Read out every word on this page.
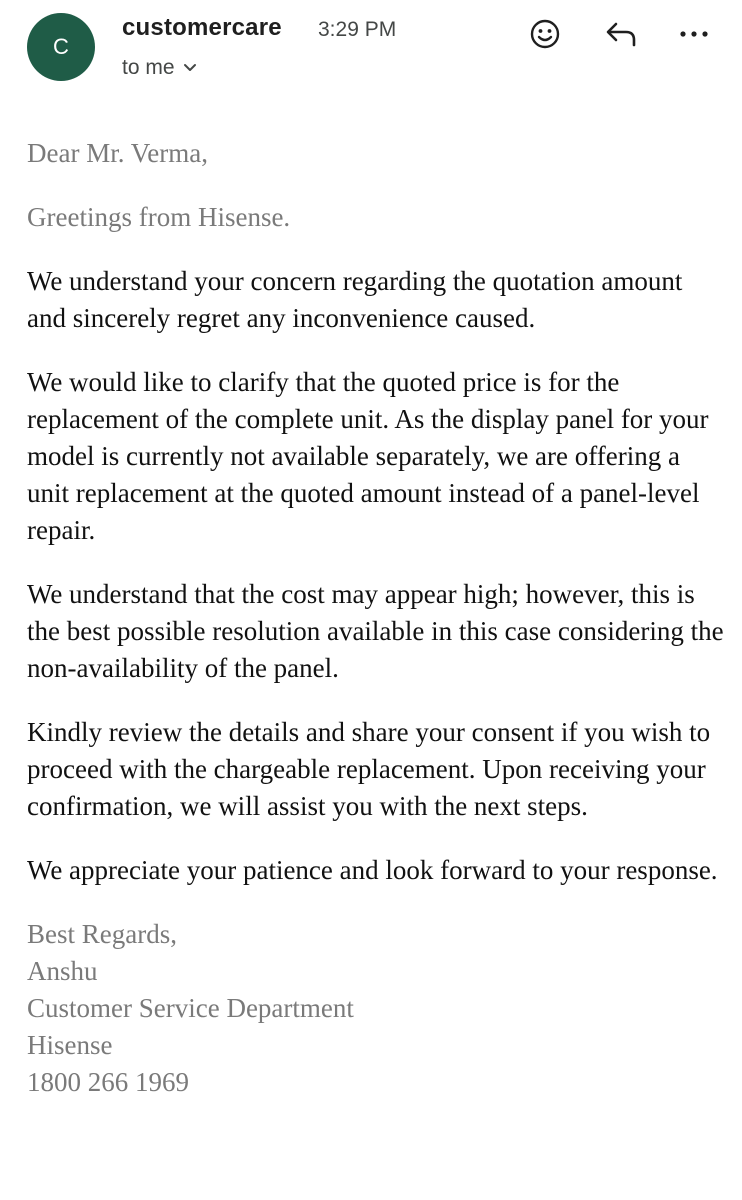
C
customercare 3:29 PM
to me

Dear Mr. Verma,

Greetings from Hisense.

We understand your concern regarding the quotation amount and sincerely regret any inconvenience caused.

We would like to clarify that the quoted price is for the replacement of the complete unit. As the display panel for your model is currently not available separately, we are offering a unit replacement at the quoted amount instead of a panel-level repair.

We understand that the cost may appear high; however, this is the best possible resolution available in this case considering the non-availability of the panel.

Kindly review the details and share your consent if you wish to proceed with the chargeable replacement. Upon receiving your confirmation, we will assist you with the next steps.

We appreciate your patience and look forward to your response.

Best Regards,
Anshu
Customer Service Department
Hisense
1800 266 1969
